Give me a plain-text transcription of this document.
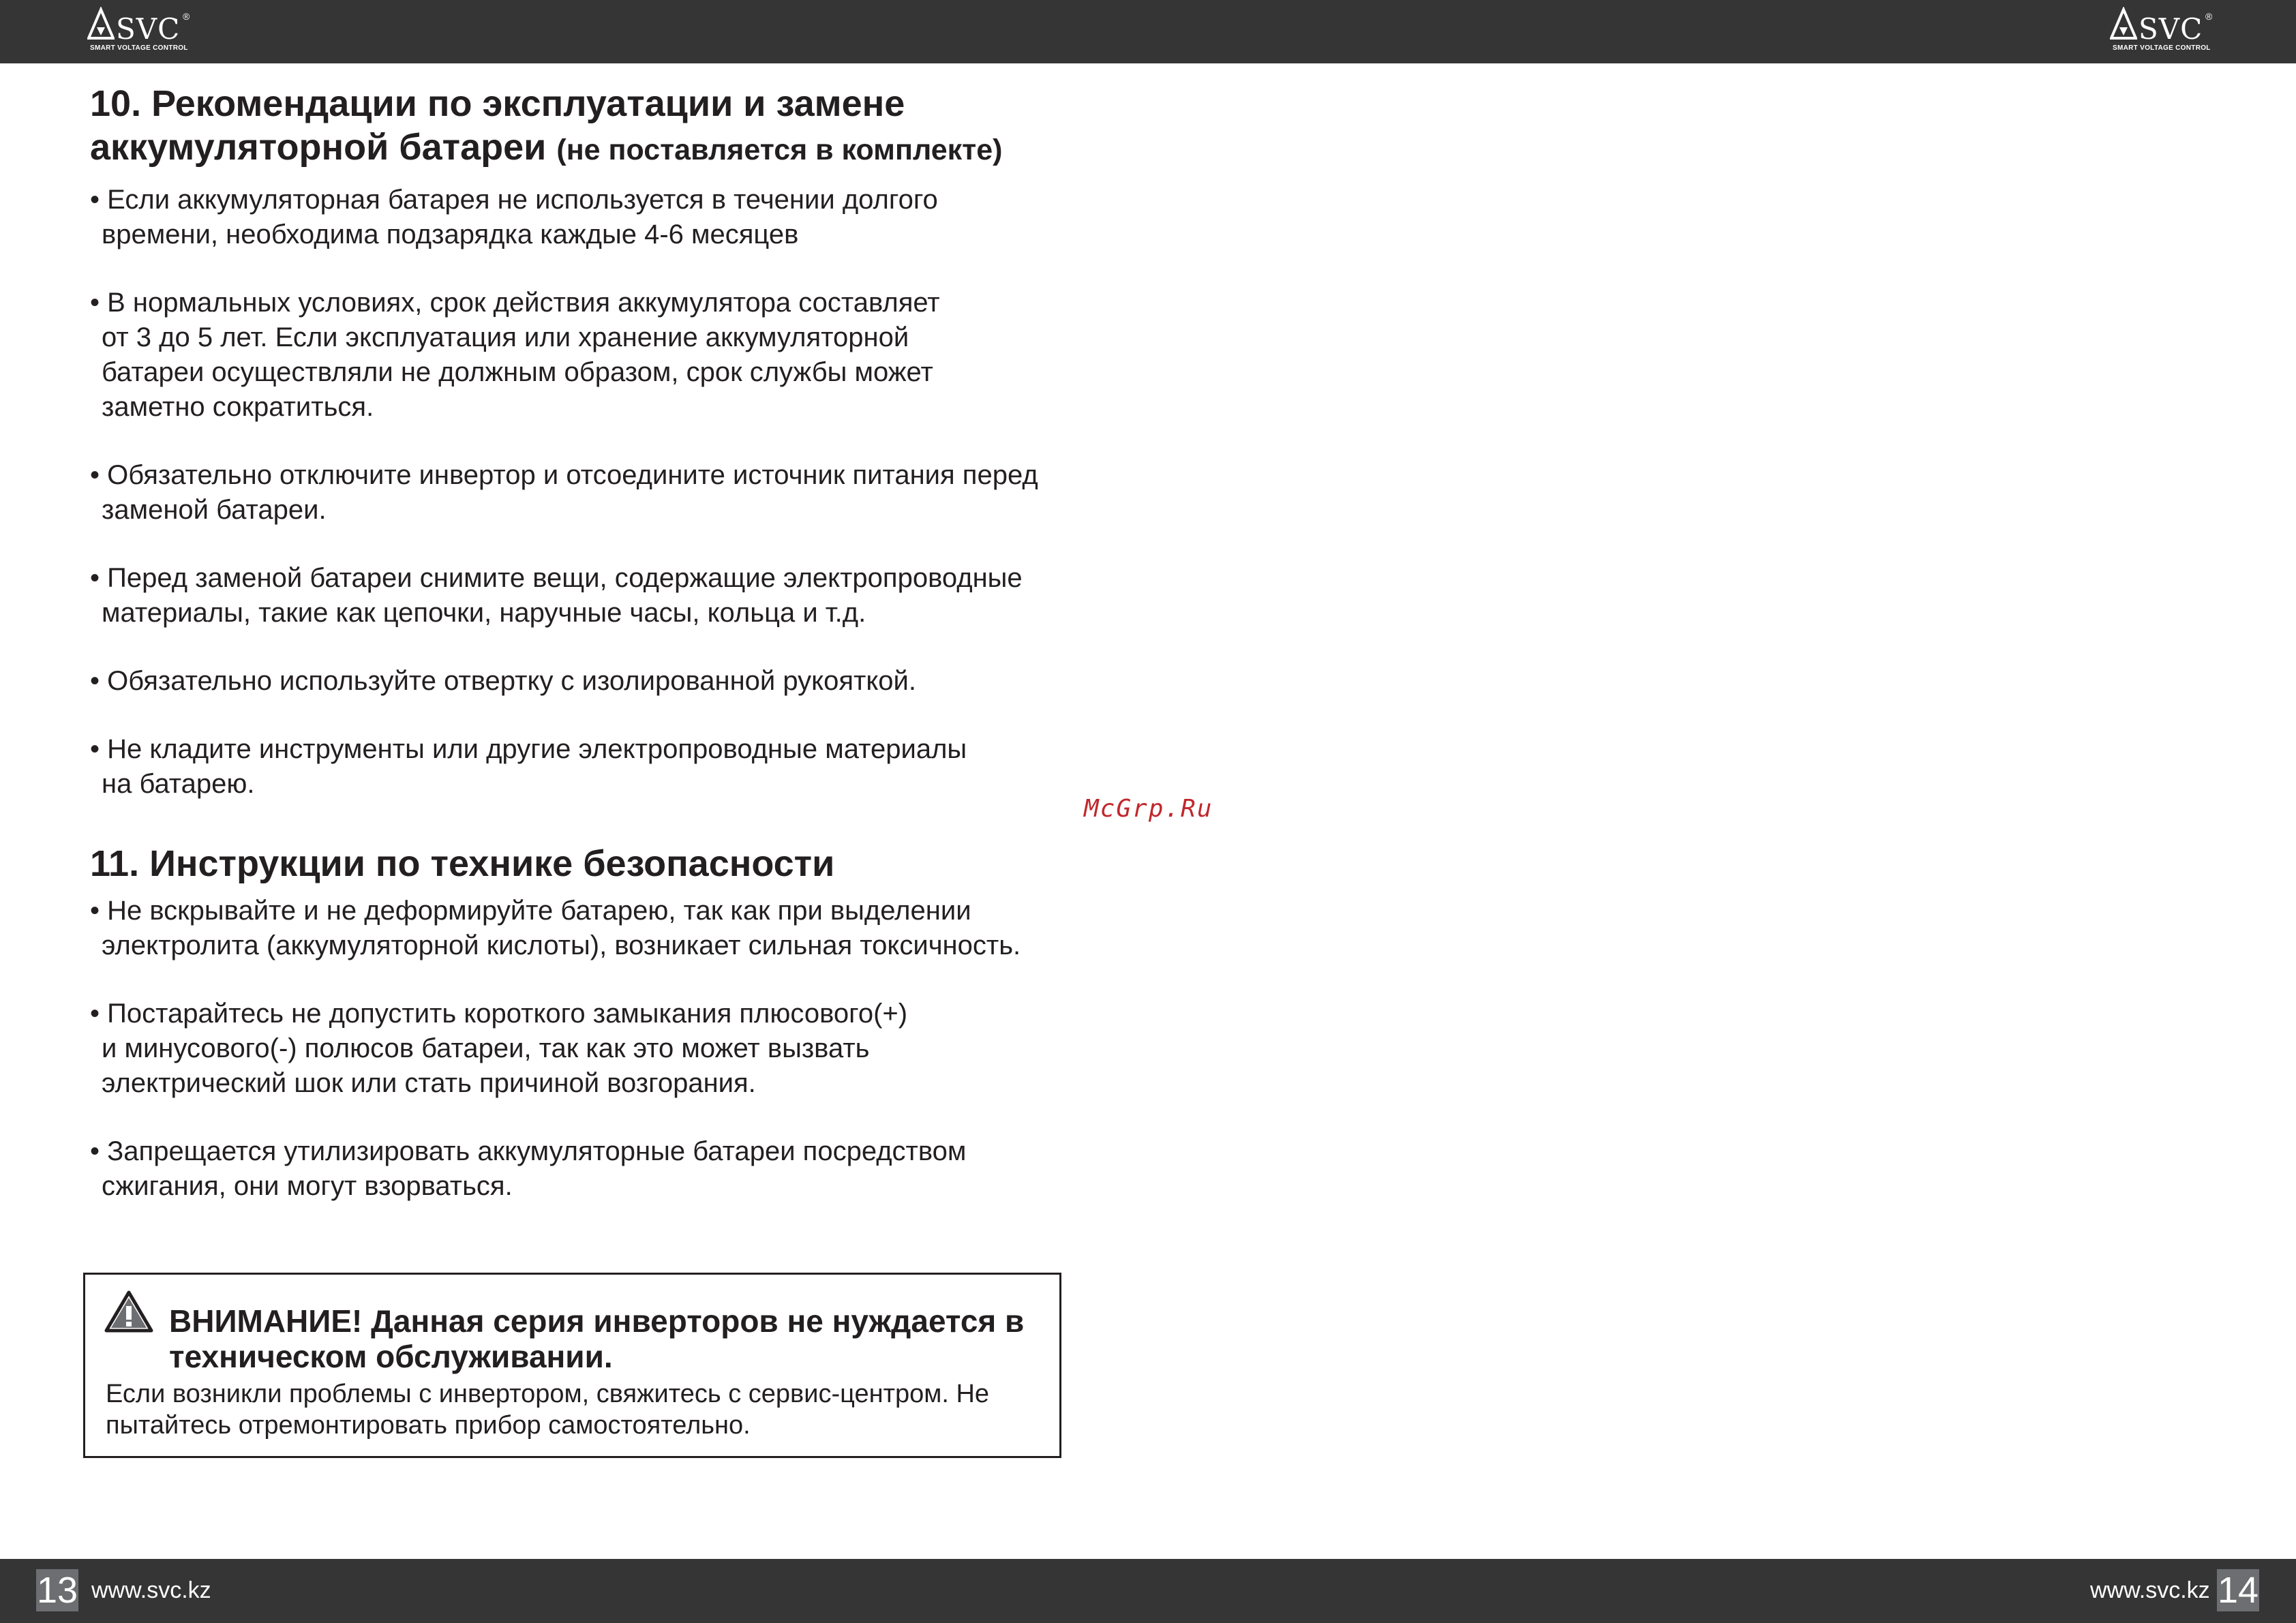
SVC ®
SMART VOLTAGE CONTROL
SVC ®
SMART VOLTAGE CONTROL
10. Рекомендации по эксплуатации и замене аккумуляторной батареи (не поставляется в комплекте)
• Если аккумуляторная батарея не используется в течении долгого
времени, необходима подзарядка каждые 4-6 месяцев
• В нормальных условиях, срок действия аккумулятора составляет
от 3 до 5 лет. Если эксплуатация или хранение аккумуляторной
батареи осуществляли не должным образом, срок службы может
заметно сократиться.
• Обязательно отключите инвертор и отсоедините источник питания перед
заменой батареи.
• Перед заменой батареи снимите вещи, содержащие электропроводные
материалы, такие как цепочки, наручные часы, кольца и т.д.
• Обязательно используйте отвертку с изолированной рукояткой.
• Не кладите инструменты или другие электропроводные материалы
на батарею.
11. Инструкции по технике безопасности
• Не вскрывайте и не деформируйте батарею, так как при выделении
электролита (аккумуляторной кислоты), возникает сильная токсичность.
• Постарайтесь не допустить короткого замыкания плюсового(+)
и минусового(-) полюсов батареи, так как это может вызвать
электрический шок или стать причиной возгорания.
• Запрещается утилизировать аккумуляторные батареи посредством
сжигания, они могут взорваться.
ВНИМАНИЕ! Данная серия инверторов не нуждается в техническом обслуживании.
Если возникли проблемы с инвертором, свяжитесь с сервис-центром. Не пытайтесь отремонтировать прибор самостоятельно.
McGrp.Ru
13 www.svc.kz	www.svc.kz 14
